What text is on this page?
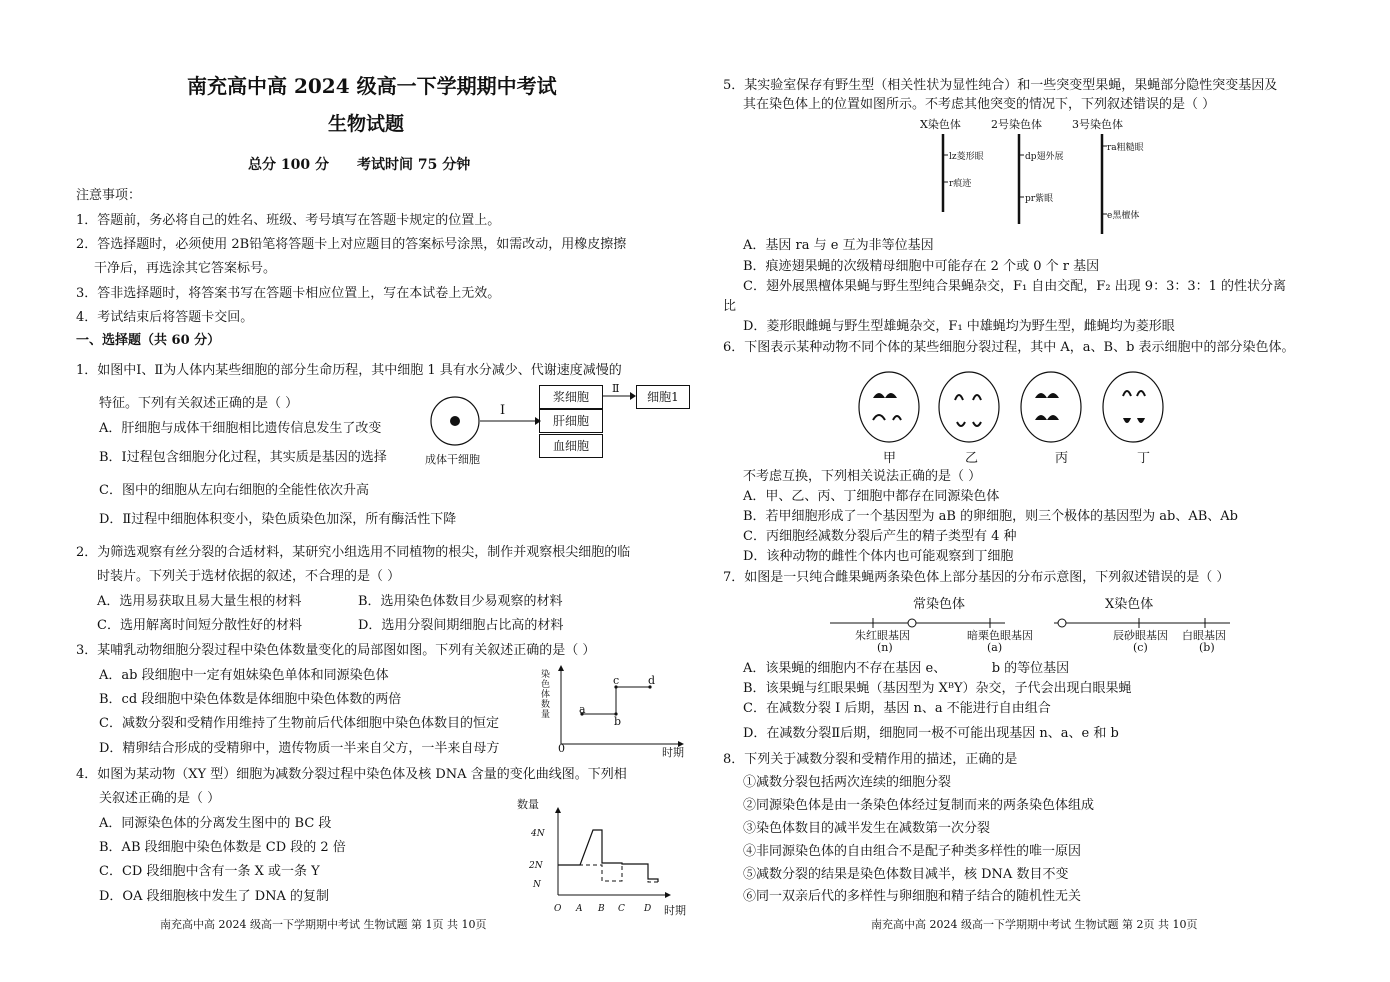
南充高中高 2024 级高一下学期期中考试
生物试题
总分 100 分　　考试时间 75 分钟
注意事项：
1．答题前，务必将自己的姓名、班级、考号填写在答题卡规定的位置上。
2．答选择题时，必须使用 2B铅笔将答题卡上对应题目的答案标号涂黑，如需改动，用橡皮擦擦
干净后，再选涂其它答案标号。
3．答非选择题时，将答案书写在答题卡相应位置上，写在本试卷上无效。
4．考试结束后将答题卡交回。
一、选择题（共 60 分）
1．如图中Ⅰ、Ⅱ为人体内某些细胞的部分生命历程，其中细胞 1 具有水分减少、代谢速度减慢的
特征。下列有关叙述正确的是（ ）
A．肝细胞与成体干细胞相比遗传信息发生了改变
B．Ⅰ过程包含细胞分化过程，其实质是基因的选择
C．图中的细胞从左向右细胞的全能性依次升高
D．Ⅱ过程中细胞体积变小，染色质染色加深，所有酶活性下降
成体干细胞
Ⅰ
浆细胞
肝细胞
血细胞
Ⅱ
细胞1
2．为筛选观察有丝分裂的合适材料，某研究小组选用不同植物的根尖，制作并观察根尖细胞的临
时装片。下列关于选材依据的叙述，不合理的是（ ）
A．选用易获取且易大量生根的材料	B．选用染色体数目少易观察的材料
C．选用解离时间短分散性好的材料	D．选用分裂间期细胞占比高的材料
3．某哺乳动物细胞分裂过程中染色体数量变化的局部图如图。下列有关叙述正确的是（ ）
A．ab 段细胞中一定有姐妹染色单体和同源染色体
B．cd 段细胞中染色体数是体细胞中染色体数的两倍
C．减数分裂和受精作用维持了生物前后代体细胞中染色体数目的恒定
D．精卵结合形成的受精卵中，遗传物质一半来自父方，一半来自母方
染色体数量
0	时期
a
b
c	d
4．如图为某动物（XY 型）细胞为减数分裂过程中染色体及核 DNA 含量的变化曲线图。下列相
关叙述正确的是（ ）
A．同源染色体的分离发生图中的 BC 段
B．AB 段细胞中染色体数是 CD 段的 2 倍
C．CD 段细胞中含有一条 X 或一条 Y
D．OA 段细胞核中发生了 DNA 的复制
数量
4N
2N
N
O A B C D 时期
南充高中高 2024 级高一下学期期中考试 生物试题 第 1页 共 10页
5．某实验室保存有野生型（相关性状为显性纯合）和一些突变型果蝇，果蝇部分隐性突变基因及
其在染色体上的位置如图所示。不考虑其他突变的情况下，下列叙述错误的是（ ）
X染色体	2号染色体	3号染色体
lz菱形眼
r痕迹
dp翅外展
pr紫眼
ra粗糙眼
e黑檀体
A．基因 ra 与 e 互为非等位基因
B．痕迹翅果蝇的次级精母细胞中可能存在 2 个或 0 个 r 基因
C．翅外展黑檀体果蝇与野生型纯合果蝇杂交，F₁ 自由交配，F₂ 出现 9：3：3：1 的性状分离
比
D．菱形眼雌蝇与野生型雄蝇杂交，F₁ 中雄蝇均为野生型，雌蝇均为菱形眼
6．下图表示某种动物不同个体的某些细胞分裂过程，其中 A，a、B、b 表示细胞中的部分染色体。
甲	乙	丙	丁
不考虑互换，下列相关说法正确的是（ ）
A．甲、乙、丙、丁细胞中都存在同源染色体
B．若甲细胞形成了一个基因型为 aB 的卵细胞，则三个极体的基因型为 ab、AB、Ab
C．丙细胞经减数分裂后产生的精子类型有 4 种
D．该种动物的雌性个体内也可能观察到丁细胞
7．如图是一只纯合雌果蝇两条染色体上部分基因的分布示意图，下列叙述错误的是（ ）
常染色体	X染色体
朱红眼基因	暗栗色眼基因	辰砂眼基因 白眼基因
(n)	(a)	(c)	(b)
A．该果蝇的细胞内不存在基因 e、　　　　b 的等位基因
B．该果蝇与红眼果蝇（基因型为 XᴮY）杂交，子代会出现白眼果蝇
C．在减数分裂 I 后期，基因 n、a 不能进行自由组合
D．在减数分裂Ⅱ后期，细胞同一极不可能出现基因 n、a、e 和 b
8．下列关于减数分裂和受精作用的描述，正确的是
①减数分裂包括两次连续的细胞分裂
②同源染色体是由一条染色体经过复制而来的两条染色体组成
③染色体数目的减半发生在减数第一次分裂
④非同源染色体的自由组合不是配子种类多样性的唯一原因
⑤减数分裂的结果是染色体数目减半，核 DNA 数目不变
⑥同一双亲后代的多样性与卵细胞和精子结合的随机性无关
南充高中高 2024 级高一下学期期中考试 生物试题 第 2页 共 10页
